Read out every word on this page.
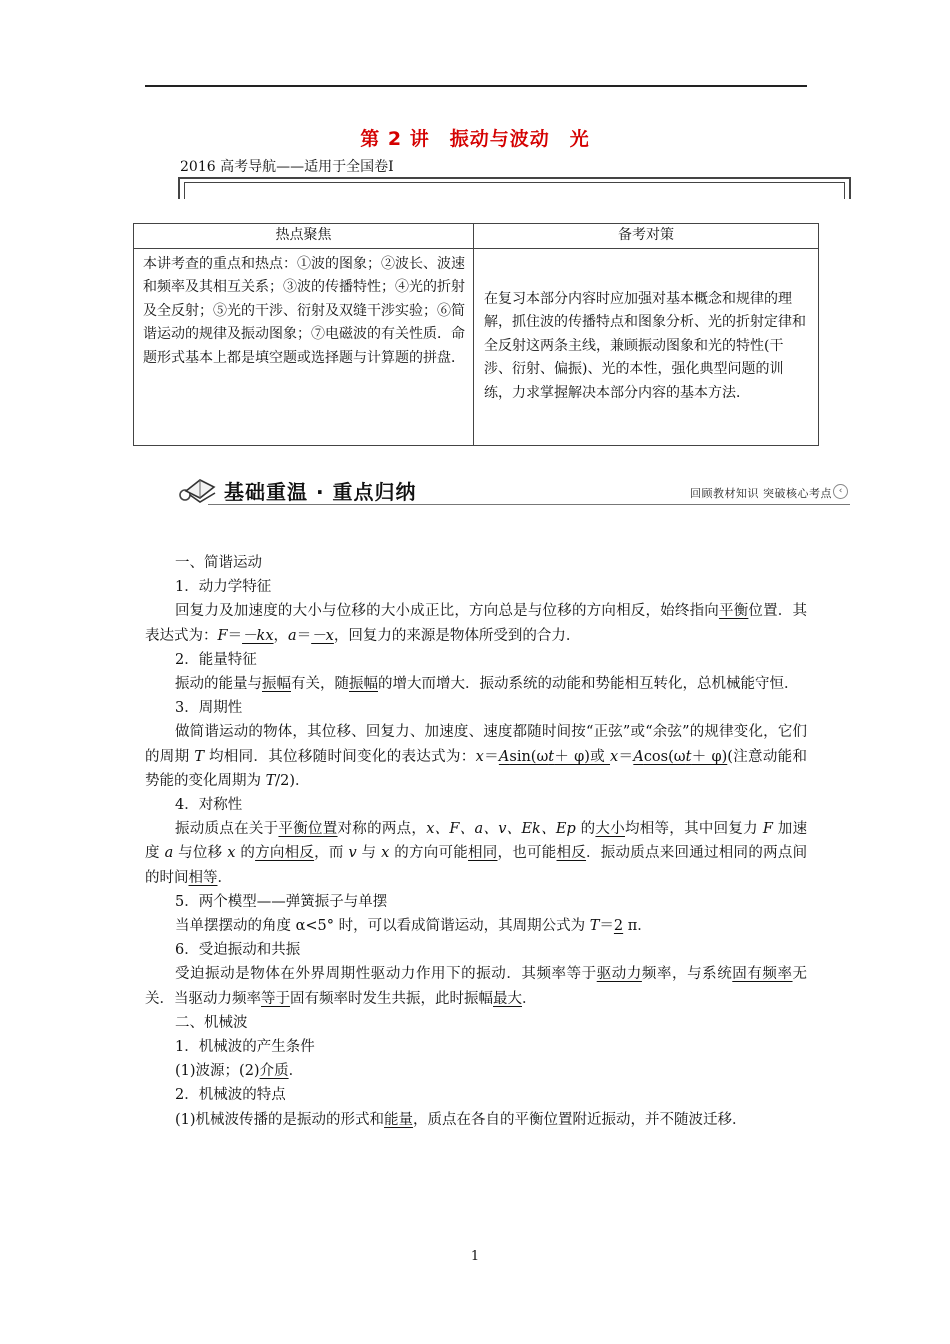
第 2 讲　振动与波动　光
2016 高考导航——适用于全国卷Ⅰ
热点聚焦	备考对策
本讲考查的重点和热点：①波的图象；②波长、波速和频率及其相互关系；③波的传播特性；④光的折射及全反射；⑤光的干涉、衍射及双缝干涉实验；⑥简谐运动的规律及振动图象；⑦电磁波的有关性质．命题形式基本上都是填空题或选择题与计算题的拼盘．	在复习本部分内容时应加强对基本概念和规律的理解，抓住波的传播特点和图象分析、光的折射定律和全反射这两条主线，兼顾振动图象和光的特性(干涉、衍射、偏振)、光的本性，强化典型问题的训练，力求掌握解决本部分内容的基本方法．
基础重温 · 重点归纳	回顾教材知识 突破核心考点 ‹

一、简谐运动

1．动力学特征

回复力及加速度的大小与位移的大小成正比，方向总是与位移的方向相反，始终指向平衡位置．其表达式为：F＝－kx，a＝－x，回复力的来源是物体所受到的合力．

2．能量特征

振动的能量与振幅有关，随振幅的增大而增大．振动系统的动能和势能相互转化，总机械能守恒．

3．周期性

做简谐运动的物体，其位移、回复力、加速度、速度都随时间按“正弦”或“余弦”的规律变化，它们的周期 T 均相同．其位移随时间变化的表达式为：x＝Asin(ωt＋ φ)或 x＝Acos(ωt＋ φ)(注意动能和势能的变化周期为 T/2)．

4．对称性

振动质点在关于平衡位置对称的两点，x、F、a、v、Ek、Ep 的大小均相等，其中回复力 F 加速度 a 与位移 x 的方向相反，而 v 与 x 的方向可能相同，也可能相反．振动质点来回通过相同的两点间的时间相等．

5．两个模型——弹簧振子与单摆

当单摆摆动的角度 α<5° 时，可以看成简谐运动，其周期公式为 T＝2 π．

6．受迫振动和共振

受迫振动是物体在外界周期性驱动力作用下的振动．其频率等于驱动力频率，与系统固有频率无关．当驱动力频率等于固有频率时发生共振，此时振幅最大．

二、机械波

1．机械波的产生条件

(1)波源；(2)介质．

2．机械波的特点

(1)机械波传播的是振动的形式和能量，质点在各自的平衡位置附近振动，并不随波迁移．

1
